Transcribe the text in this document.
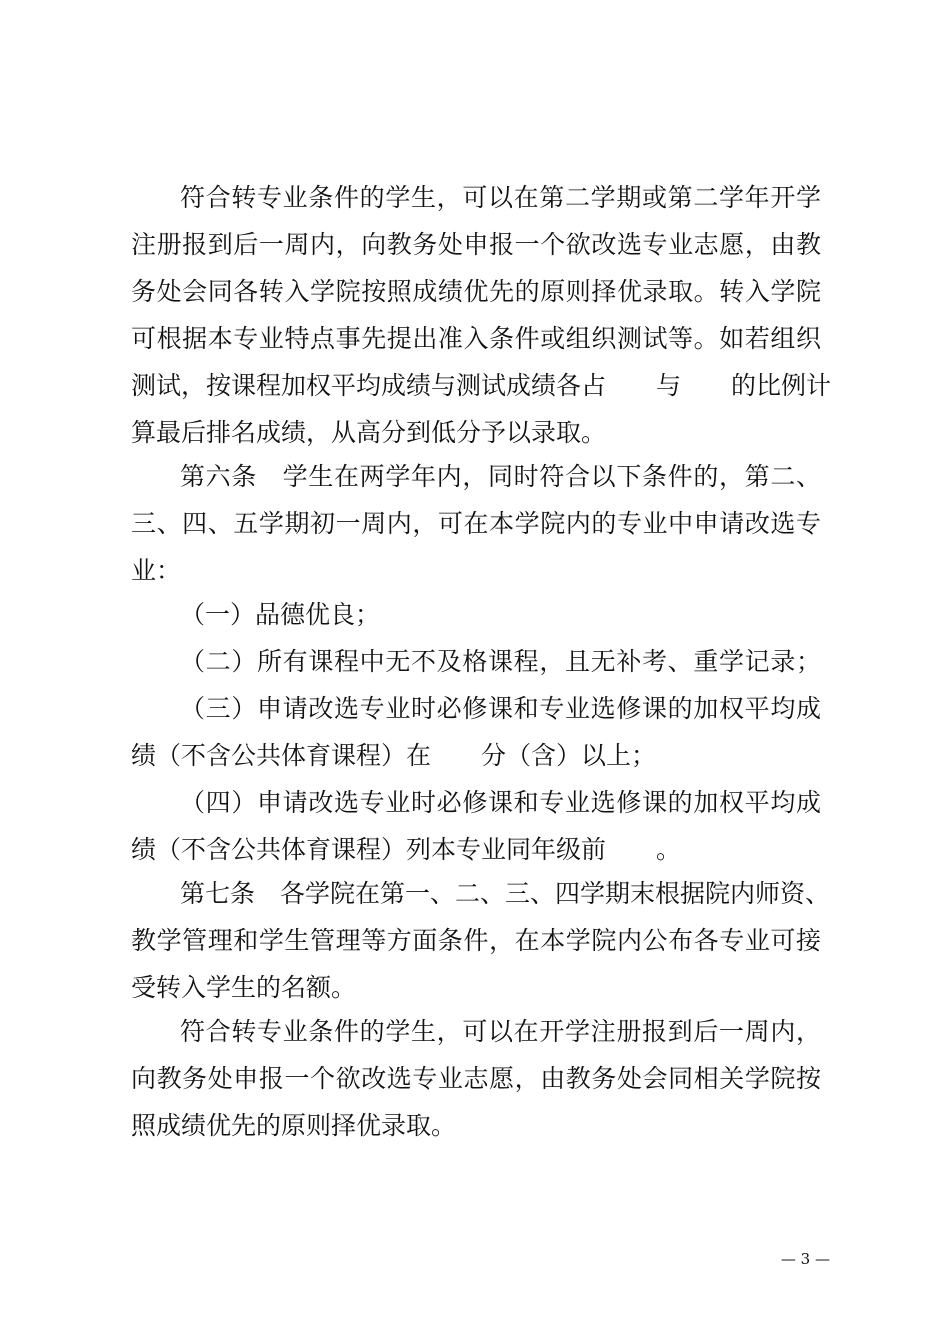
符合转专业条件的学生，可以在第二学期或第二学年开学
注册报到后一周内，向教务处申报一个欲改选专业志愿，由教
务处会同各转入学院按照成绩优先的原则择优录取。转入学院
可根据本专业特点事先提出准入条件或组织测试等。如若组织
测试，按课程加权平均成绩与测试成绩各占　　与　　的比例计
算最后排名成绩，从高分到低分予以录取。
第六条　学生在两学年内，同时符合以下条件的，第二、
三、四、五学期初一周内，可在本学院内的专业中申请改选专
业：
（一）品德优良；
（二）所有课程中无不及格课程，且无补考、重学记录；
（三）申请改选专业时必修课和专业选修课的加权平均成
绩（不含公共体育课程）在　　分（含）以上；
（四）申请改选专业时必修课和专业选修课的加权平均成
绩（不含公共体育课程）列本专业同年级前　　。
第七条　各学院在第一、二、三、四学期末根据院内师资、
教学管理和学生管理等方面条件，在本学院内公布各专业可接
受转入学生的名额。
符合转专业条件的学生，可以在开学注册报到后一周内，
向教务处申报一个欲改选专业志愿，由教务处会同相关学院按
照成绩优先的原则择优录取。
— 3 —
